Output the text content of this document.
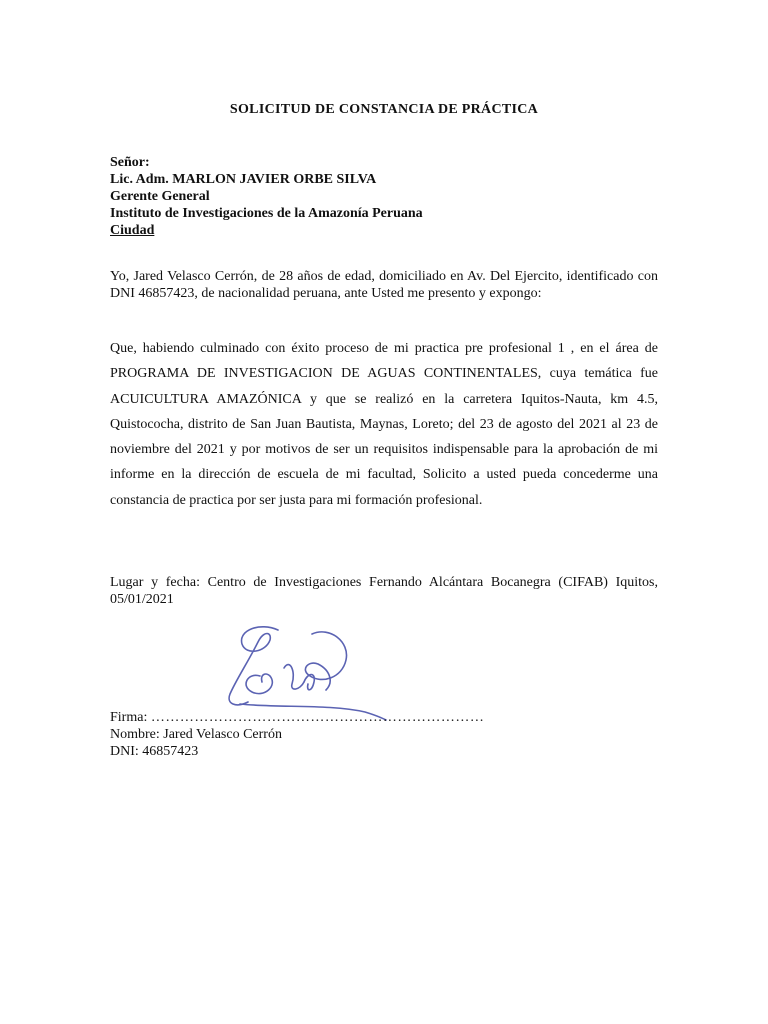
SOLICITUD DE CONSTANCIA DE PRÁCTICA
Señor:
Lic. Adm. MARLON JAVIER ORBE SILVA
Gerente General
Instituto de Investigaciones de la Amazonía Peruana
Ciudad

Yo, Jared Velasco Cerrón, de 28 años de edad, domiciliado en Av. Del Ejercito, identificado con DNI 46857423, de nacionalidad peruana, ante Usted me presento y expongo:

Que, habiendo culminado con éxito proceso de mi practica pre profesional 1 , en el área de PROGRAMA DE INVESTIGACION DE AGUAS CONTINENTALES, cuya temática fue ACUICULTURA AMAZÓNICA y que se realizó en la carretera Iquitos-Nauta, km 4.5, Quistococha, distrito de San Juan Bautista, Maynas, Loreto; del 23 de agosto del 2021 al 23 de noviembre del 2021 y por motivos de ser un requisitos indispensable para la aprobación de mi informe en la dirección de escuela de mi facultad, Solicito a usted pueda concederme una constancia de practica por ser justa para mi formación profesional.

Lugar y fecha: Centro de Investigaciones Fernando Alcántara Bocanegra (CIFAB) Iquitos, 05/01/2021

Firma: ……………………………………………………………
Nombre: Jared Velasco Cerrón
DNI: 46857423
